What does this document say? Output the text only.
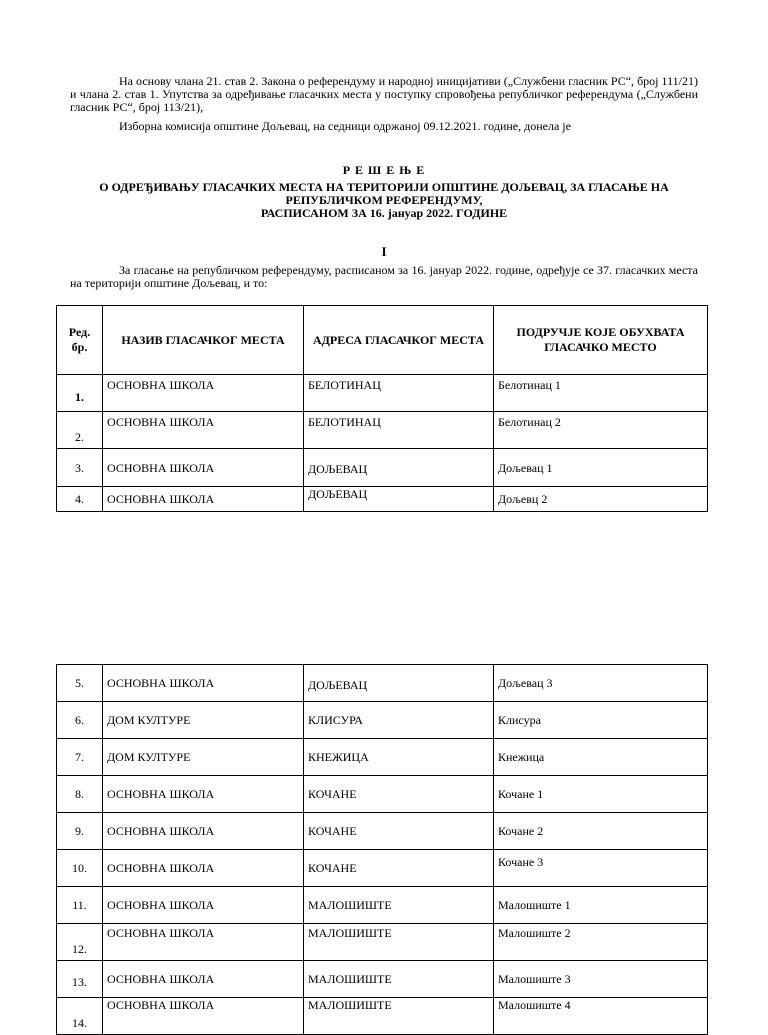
На основу члана 21. став 2. Закона о референдуму и народној иницијативи („Службени гласник РС“, број 111/21) и члана 2. став 1. Упутства за одређивање гласачких места у поступку спровођења републичког референдума („Службени гласник РС“, број 113/21),

Изборна комисија општине Дољевац, на седници одржаној 09.12.2021. године, донела је

Р Е Ш Е Њ Е

О ОДРЕЂИВАЊУ ГЛАСАЧКИХ МЕСТА НА ТЕРИТОРИЈИ ОПШТИНЕ ДОЉЕВАЦ, ЗА ГЛАСАЊЕ НА

РЕПУБЛИЧКОМ РЕФЕРЕНДУМУ,

РАСПИСАНОМ ЗА 16. јануар 2022. ГОДИНЕ

I

За гласање на републичком референдуму, расписаном за 16. јануар 2022. године, одређује се 37. гласачких места на територији општине Дољевац, и то:

Ред. бр.	НАЗИВ ГЛАСАЧКОГ МЕСТА	АДРЕСА ГЛАСАЧКОГ МЕСТА	ПОДРУЧЈЕ КОЈЕ ОБУХВАТА ГЛАСАЧКО МЕСТО
1.	ОСНОВНА ШКОЛА	БЕЛОТИНАЦ	Белотинац 1
2.	ОСНОВНА ШКОЛА	БЕЛОТИНАЦ	Белотинац 2
3.	ОСНОВНА ШКОЛА	ДОЉЕВАЦ	Дољевац 1
4.	ОСНОВНА ШКОЛА	ДОЉЕВАЦ	Дољевц 2
5.	ОСНОВНА ШКОЛА	ДОЉЕВАЦ	Дољевац 3
6.	ДОМ КУЛТУРЕ	КЛИСУРА	Клисура
7.	ДОМ КУЛТУРЕ	КНЕЖИЦА	Кнежица
8.	ОСНОВНА ШКОЛА	КОЧАНЕ	Кочане 1
9.	ОСНОВНА ШКОЛА	КОЧАНЕ	Кочане 2
10.	ОСНОВНА ШКОЛА	КОЧАНЕ	Кочане 3
11.	ОСНОВНА ШКОЛА	МАЛОШИШТЕ	Малошиште 1
12.	ОСНОВНА ШКОЛА	МАЛОШИШТЕ	Малошиште 2
13.	ОСНОВНА ШКОЛА	МАЛОШИШТЕ	Малошиште 3
14.	ОСНОВНА ШКОЛА	МАЛОШИШТЕ	Малошиште 4
